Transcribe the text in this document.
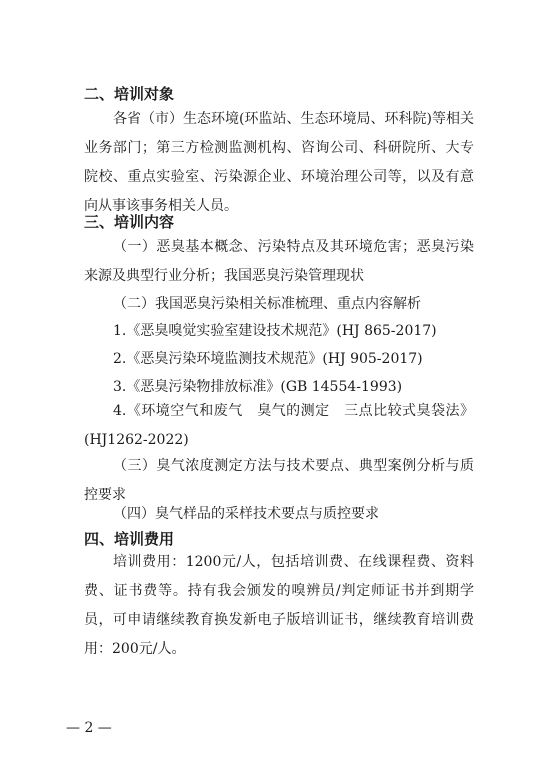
二、培训对象

各省（市）生态环境(环监站、生态环境局、环科院)等相关业务部门；第三方检测监测机构、咨询公司、科研院所、大专院校、重点实验室、污染源企业、环境治理公司等，以及有意向从事该事务相关人员。

三、培训内容

（一）恶臭基本概念、污染特点及其环境危害；恶臭污染来源及典型行业分析；我国恶臭污染管理现状

（二）我国恶臭污染相关标准梳理、重点内容解析

1.《恶臭嗅觉实验室建设技术规范》(HJ 865-2017)

2.《恶臭污染环境监测技术规范》(HJ 905-2017)

3.《恶臭污染物排放标准》(GB 14554-1993)

4.《环境空气和废气　臭气的测定　三点比较式臭袋法》(HJ1262-2022)

（三）臭气浓度测定方法与技术要点、典型案例分析与质控要求

（四）臭气样品的采样技术要点与质控要求

四、培训费用

培训费用：1200元/人，包括培训费、在线课程费、资料费、证书费等。持有我会颁发的嗅辨员/判定师证书并到期学员，可申请继续教育换发新电子版培训证书，继续教育培训费用：200元/人。

— 2 —
